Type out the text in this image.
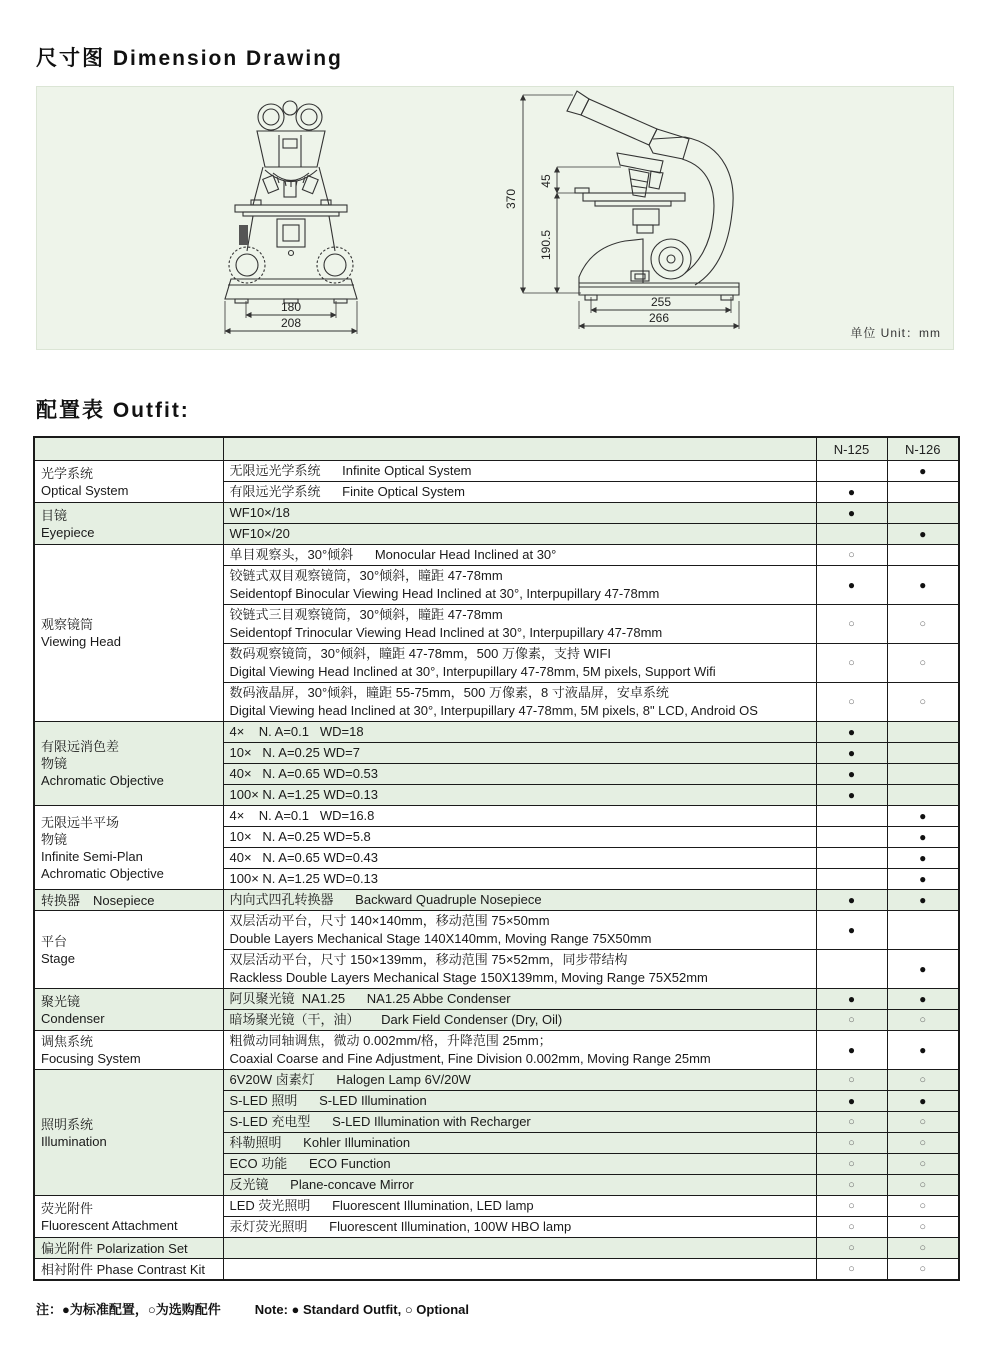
尺寸图 Dimension Drawing
180
208
370
45
190.5
255
266
单位 Unit：mm
配置表 Outfit:
		N-125	N-126

光学系统
Optical System	无限远光学系统      Infinite Optical System		●

	有限远光学系统      Finite Optical System	●	

目镜
Eyepiece	WF10×/18	●	

	WF10×/20		●

观察镜筒
Viewing Head	单目观察头，30°倾斜      Monocular Head Inclined at 30°	○	

	铰链式双目观察镜筒，30°倾斜，瞳距 47-78mm
Seidentopf Binocular Viewing Head Inclined at 30°, Interpupillary 47-78mm	●	●

	铰链式三目观察镜筒，30°倾斜，瞳距 47-78mm
Seidentopf Trinocular Viewing Head Inclined at 30°, Interpupillary 47-78mm	○	○

	数码观察镜筒，30°倾斜，瞳距 47-78mm，500 万像素，支持 WIFI
Digital Viewing Head Inclined at 30°, Interpupillary 47-78mm, 5M pixels, Support Wifi	○	○

	数码液晶屏，30°倾斜，瞳距 55-75mm，500 万像素，8 寸液晶屏，安卓系统
Digital Viewing head Inclined at 30°, Interpupillary 47-78mm, 5M pixels, 8" LCD, Android OS	○	○

有限远消色差
物镜
Achromatic Objective	4×    N. A=0.1   WD=18	●	

	10×   N. A=0.25 WD=7	●	

	40×   N. A=0.65 WD=0.53	●	

	100× N. A=1.25 WD=0.13	●	

无限远半平场
物镜
Infinite Semi-Plan
Achromatic Objective	4×    N. A=0.1   WD=16.8		●

	10×   N. A=0.25 WD=5.8		●

	40×   N. A=0.65 WD=0.43		●

	100× N. A=1.25 WD=0.13		●

转换器　Nosepiece	内向式四孔转换器      Backward Quadruple Nosepiece	●	●

平台
Stage

双层活动平台，尺寸 140×140mm，移动范围 75×50mm
Double Layers Mechanical Stage 140X140mm, Moving Range 75X50mm
	●	

	双层活动平台，尺寸 150×139mm，移动范围 75×52mm，同步带结构
Rackless Double Layers Mechanical Stage 150X139mm, Moving Range 75X52mm		●

聚光镜
Condenser	阿贝聚光镜  NA1.25      NA1.25 Abbe Condenser	●	●

	暗场聚光镜（干，油）      Dark Field Condenser (Dry, Oil)	○	○

调焦系统
Focusing System

粗微动同轴调焦，微动 0.002mm/格，升降范围 25mm；
Coaxial Coarse and Fine Adjustment, Fine Division 0.002mm, Moving Range 25mm
	●	●

照明系统
Illumination	6V20W 卤素灯      Halogen Lamp 6V/20W	○	○

	S-LED 照明      S-LED Illumination	●	●

	S-LED 充电型      S-LED Illumination with Recharger	○	○

	科勒照明      Kohler Illumination	○	○

	ECO 功能      ECO Function	○	○

	反光镜      Plane-concave Mirror	○	○

荧光附件
Fluorescent Attachment	LED 荧光照明      Fluorescent Illumination, LED lamp	○	○

	汞灯荧光照明      Fluorescent Illumination, 100W HBO lamp	○	○

偏光附件 Polarization Set		○	○

相衬附件 Phase Contrast Kit		○	○
注：●为标准配置，○为选购配件	Note: ● Standard Outfit, ○ Optional
